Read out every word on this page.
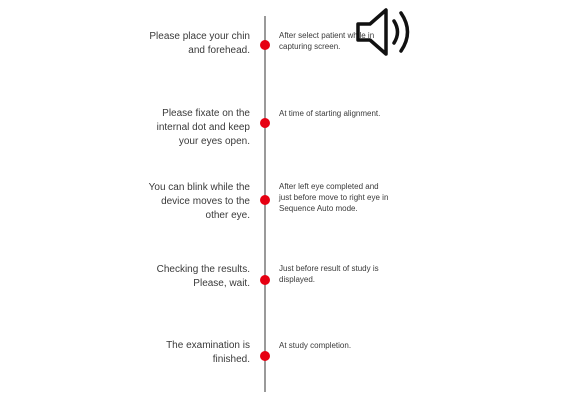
Please place your chin and forehead.
After select patient while in capturing screen.
Please fixate on the internal dot and keep your eyes open.
At time of starting alignment.
You can blink while the device moves to the other eye.
After left eye completed and just before move to right eye in Sequence Auto mode.
Checking the results. Please, wait.
Just before result of study is displayed.
The examination is finished.
At study completion.
